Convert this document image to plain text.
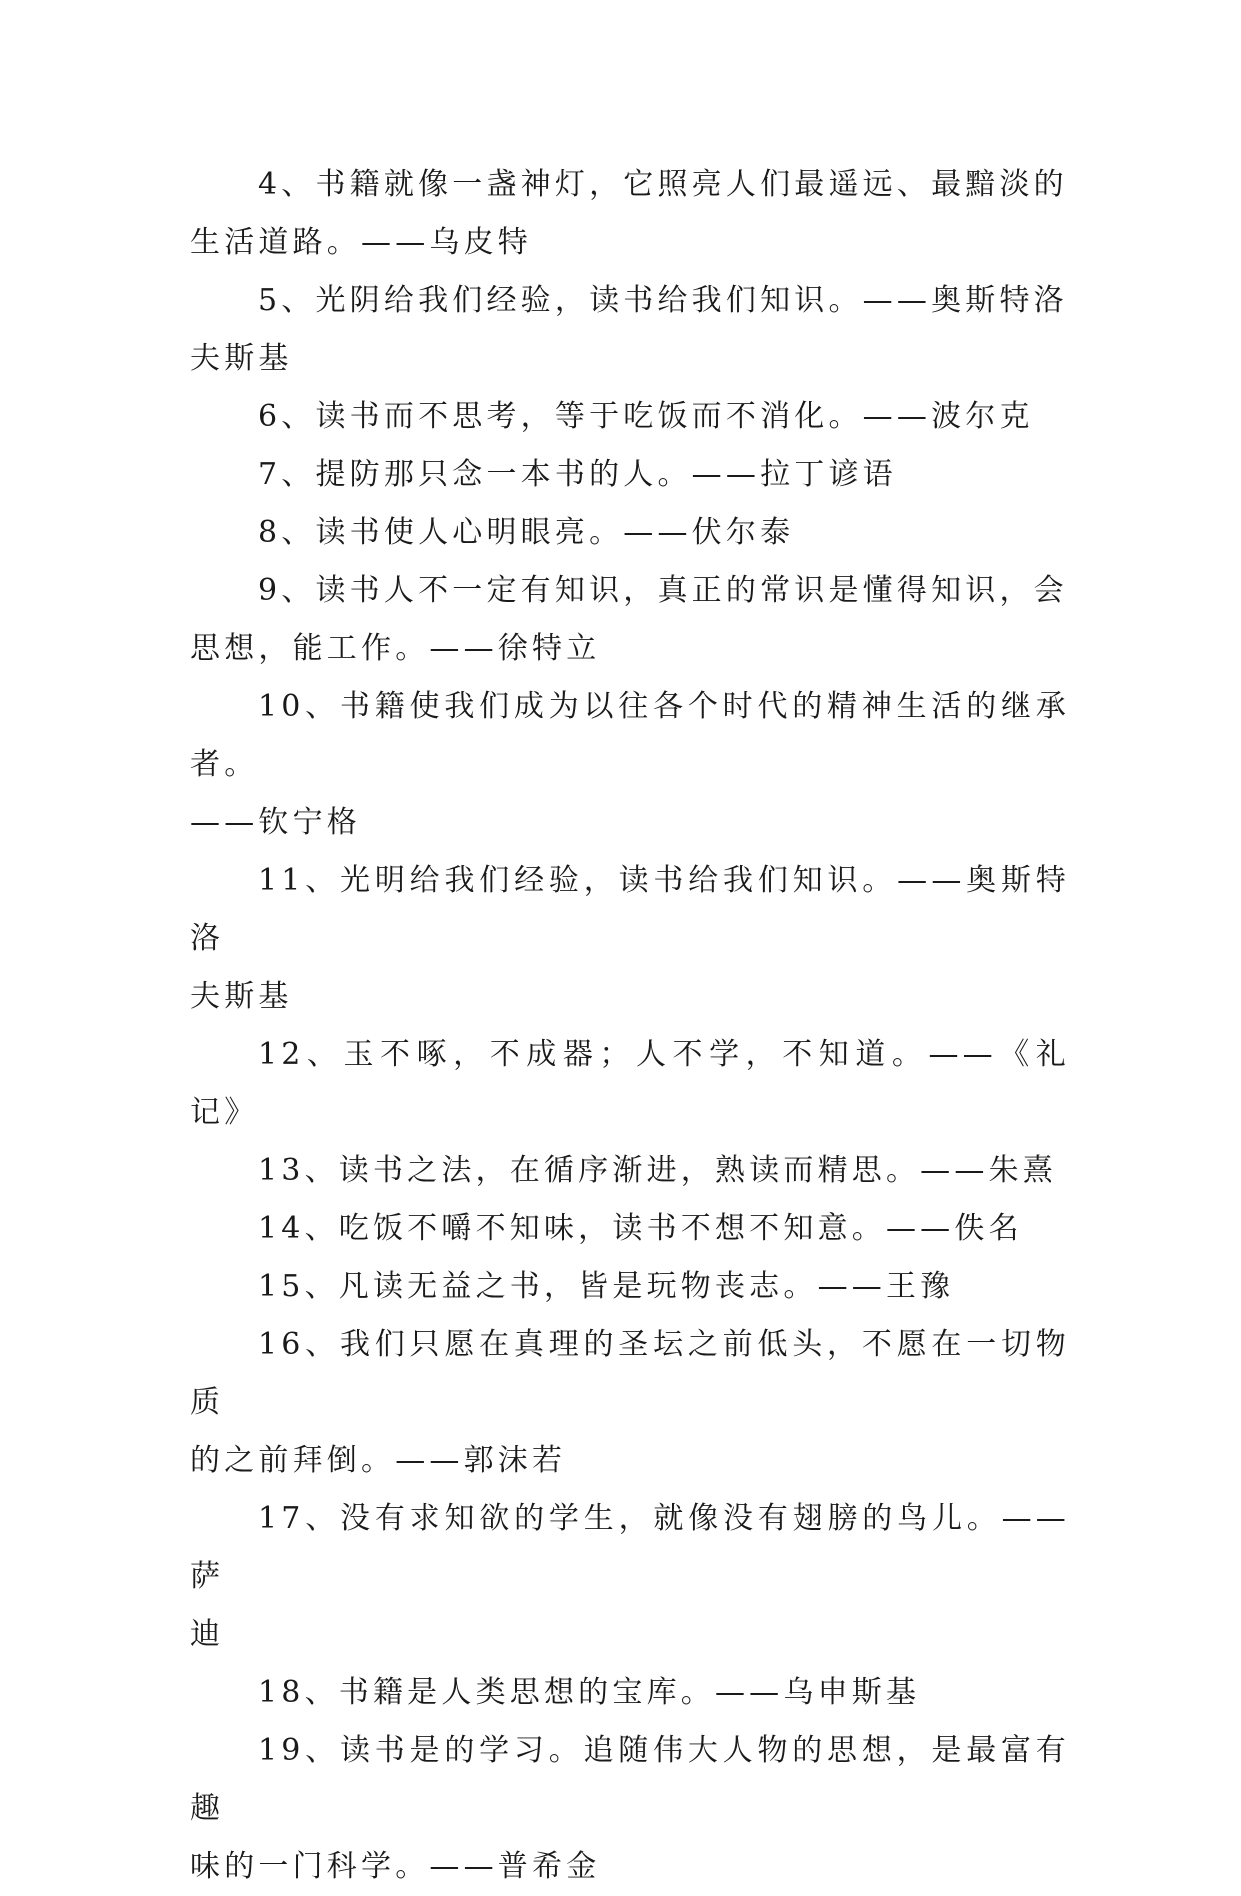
4、书籍就像一盏神灯，它照亮人们最遥远、最黯淡的
生活道路。——乌皮特
5、光阴给我们经验，读书给我们知识。——奥斯特洛
夫斯基
6、读书而不思考，等于吃饭而不消化。——波尔克
7、提防那只念一本书的人。——拉丁谚语
8、读书使人心明眼亮。——伏尔泰
9、读书人不一定有知识，真正的常识是懂得知识，会
思想，能工作。——徐特立
10、书籍使我们成为以往各个时代的精神生活的继承者。
——钦宁格
11、光明给我们经验，读书给我们知识。——奥斯特洛
夫斯基
12、玉不啄，不成器；人不学，不知道。——《礼记》
13、读书之法，在循序渐进，熟读而精思。——朱熹
14、吃饭不嚼不知味，读书不想不知意。——佚名
15、凡读无益之书，皆是玩物丧志。——王豫
16、我们只愿在真理的圣坛之前低头，不愿在一切物质
的之前拜倒。——郭沫若
17、没有求知欲的学生，就像没有翅膀的鸟儿。——萨
迪
18、书籍是人类思想的宝库。——乌申斯基
19、读书是的学习。追随伟大人物的思想，是最富有趣
味的一门科学。——普希金
